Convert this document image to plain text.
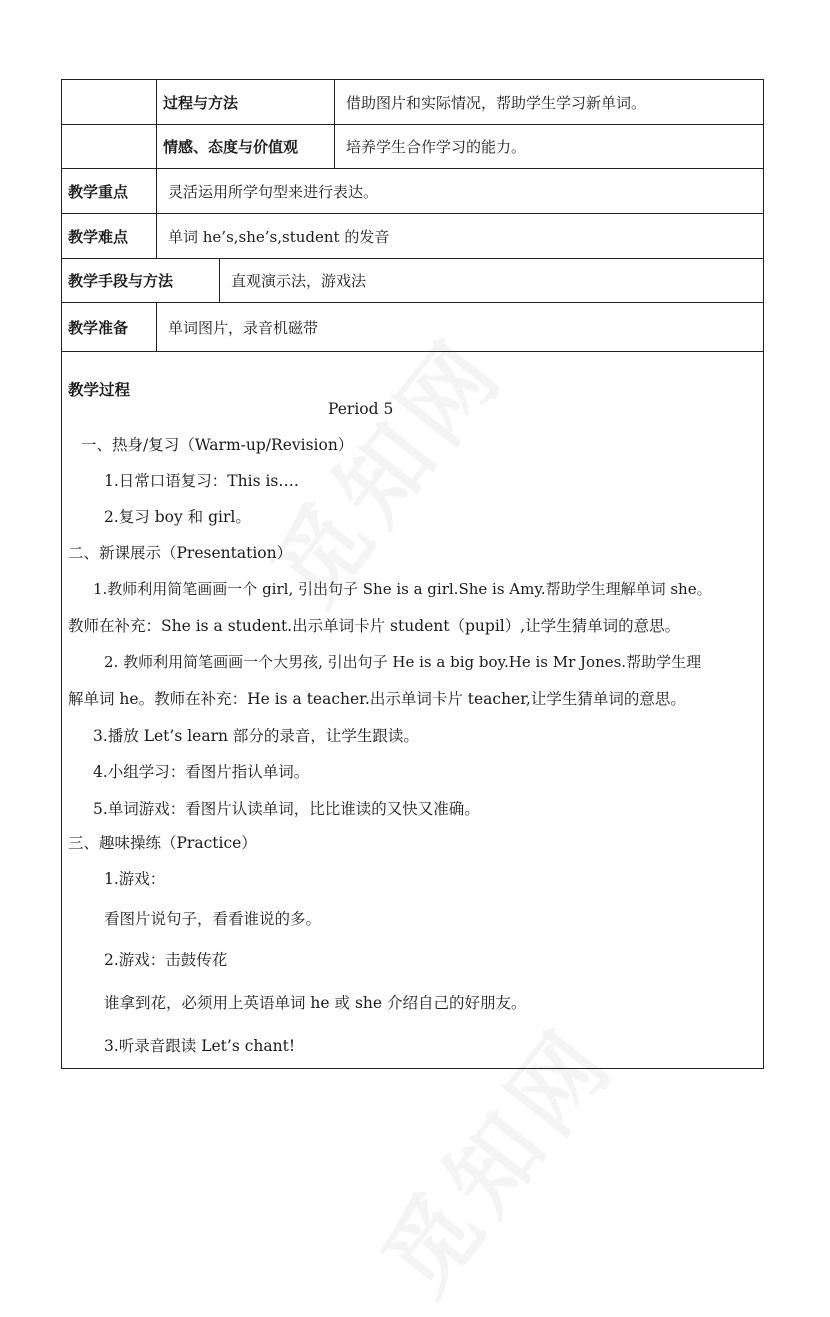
过程与方法	借助图片和实际情况，帮助学生学习新单词。
情感、态度与价值观	培养学生合作学习的能力。
教学重点	灵活运用所学句型来进行表达。
教学难点	单词 he’s,she’s,student 的发音
教学手段与方法	直观演示法，游戏法
教学准备	单词图片，录音机磁带
教学过程
Period 5
一、热身/复习（Warm-up/Revision）
1.日常口语复习：This is….
2.复习 boy 和 girl。
二、新课展示（Presentation）
1.教师利用简笔画画一个 girl, 引出句子 She is a girl.She is Amy.帮助学生理解单词 she。
教师在补充：She is a student.出示单词卡片 student（pupil）,让学生猜单词的意思。
2. 教师利用简笔画画一个大男孩, 引出句子 He is a big boy.He is Mr Jones.帮助学生理
解单词 he。教师在补充：He is a teacher.出示单词卡片 teacher,让学生猜单词的意思。
3.播放 Let’s learn 部分的录音，让学生跟读。
4.小组学习：看图片指认单词。
5.单词游戏：看图片认读单词，比比谁读的又快又准确。
三、趣味操练（Practice）
1.游戏：
看图片说句子，看看谁说的多。
2.游戏：击鼓传花
谁拿到花，必须用上英语单词 he 或 she 介绍自己的好朋友。
3.听录音跟读 Let’s chant!
